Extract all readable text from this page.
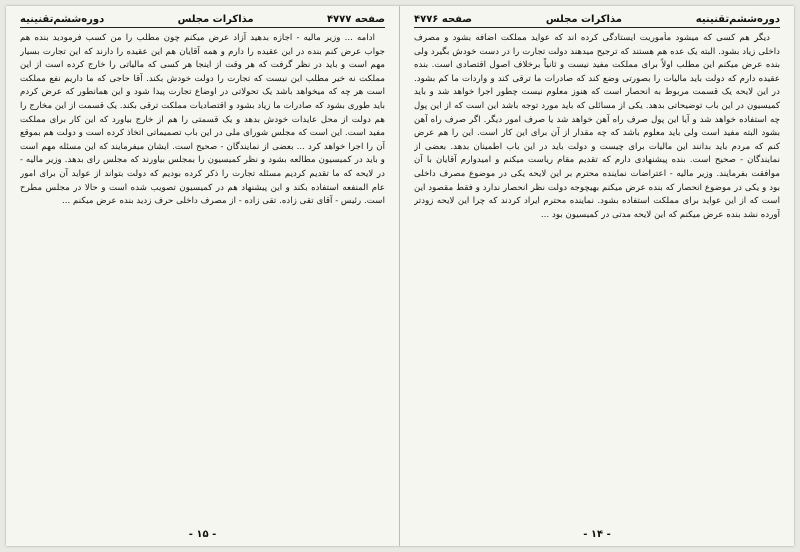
صفحه ۴۷۷۷
مذاکرات مجلس
دوره‌ششم‌تقنینیه

ادامه ... وزیر مالیه - اجازه بدهید آزاد عرض میکنم چون مطلب را من کسب فرمودید بنده هم جواب عرض کنم بنده در این عقیده را دارم و همه آقایان هم این عقیده را دارند که این تجارت بسیار مهم است و باید در نظر گرفت که هر وقت از اینجا هر کسی که مالیاتی را خارج کرده است از این مملکت نه خیر مطلب این نیست که تجارت را دولت خودش بکند. آقا حاجی که ما داریم نفع مملکت است هر چه که میخواهد باشد یک تحولاتی در اوضاع تجارت پیدا شود و این همانطور که عرض کردم باید طوری بشود که صادرات ما زیاد بشود و اقتصادیات مملکت ترقی بکند. یک قسمت از این مخارج را هم دولت از محل عایدات خودش بدهد و یک قسمتی را هم از خارج بیاورد که این کار برای مملکت مفید است. این است که مجلس شورای ملی در این باب تصمیماتی اتخاذ کرده است و دولت هم بموقع آن را اجرا خواهد کرد ... بعضی از نمایندگان - صحیح است. ایشان میفرمایند که این مسئله مهم است و باید در کمیسیون مطالعه بشود و نظر کمیسیون را بمجلس بیاورند که مجلس رای بدهد. وزیر مالیه - در لایحه که ما تقدیم کردیم مسئله تجارت را ذکر کرده بودیم که دولت بتواند از عواید آن برای امور عام المنفعه استفاده بکند و این پیشنهاد هم در کمیسیون تصویب شده است و حالا در مجلس مطرح است. رئیس - آقای تقی زاده. تقی زاده - از مصرف داخلی حرف زدید بنده عرض میکنم ...

- ۱۵ -
دوره‌ششم‌تقنینیه
مذاکرات مجلس
صفحه ۴۷۷۶

دیگر هم کسی که میشود مأموریت ایستادگی کرده اند که عواید مملکت اضافه بشود و مصرف داخلی زیاد بشود. البته یک عده هم هستند که ترجیح میدهند دولت تجارت را در دست خودش بگیرد ولی بنده عرض میکنم این مطلب اولاً برای مملکت مفید نیست و ثانیاً برخلاف اصول اقتصادی است. بنده عقیده دارم که دولت باید مالیات را بصورتی وضع کند که صادرات ما ترقی کند و واردات ما کم بشود. در این لایحه یک قسمت مربوط به انحصار است که هنوز معلوم نیست چطور اجرا خواهد شد و باید کمیسیون در این باب توضیحاتی بدهد. یکی از مسائلی که باید مورد توجه باشد این است که از این پول چه استفاده خواهد شد و آیا این پول صرف راه آهن خواهد شد یا صرف امور دیگر. اگر صرف راه آهن بشود البته مفید است ولی باید معلوم باشد که چه مقدار از آن برای این کار است. این را هم عرض کنم که مردم باید بدانند این مالیات برای چیست و دولت باید در این باب اطمینان بدهد. بعضی از نمایندگان - صحیح است. بنده پیشنهادی دارم که تقدیم مقام ریاست میکنم و امیدوارم آقایان با آن موافقت بفرمایند. وزیر مالیه - اعتراضات نماینده محترم بر این لایحه یکی در موضوع مصرف داخلی بود و یکی در موضوع انحصار که بنده عرض میکنم بهیچوجه دولت نظر انحصار ندارد و فقط مقصود این است که از این عواید برای مملکت استفاده بشود. نماینده محترم ایراد کردند که چرا این لایحه زودتر آورده نشد بنده عرض میکنم که این لایحه مدتی در کمیسیون بود ...

- ۱۴ -
